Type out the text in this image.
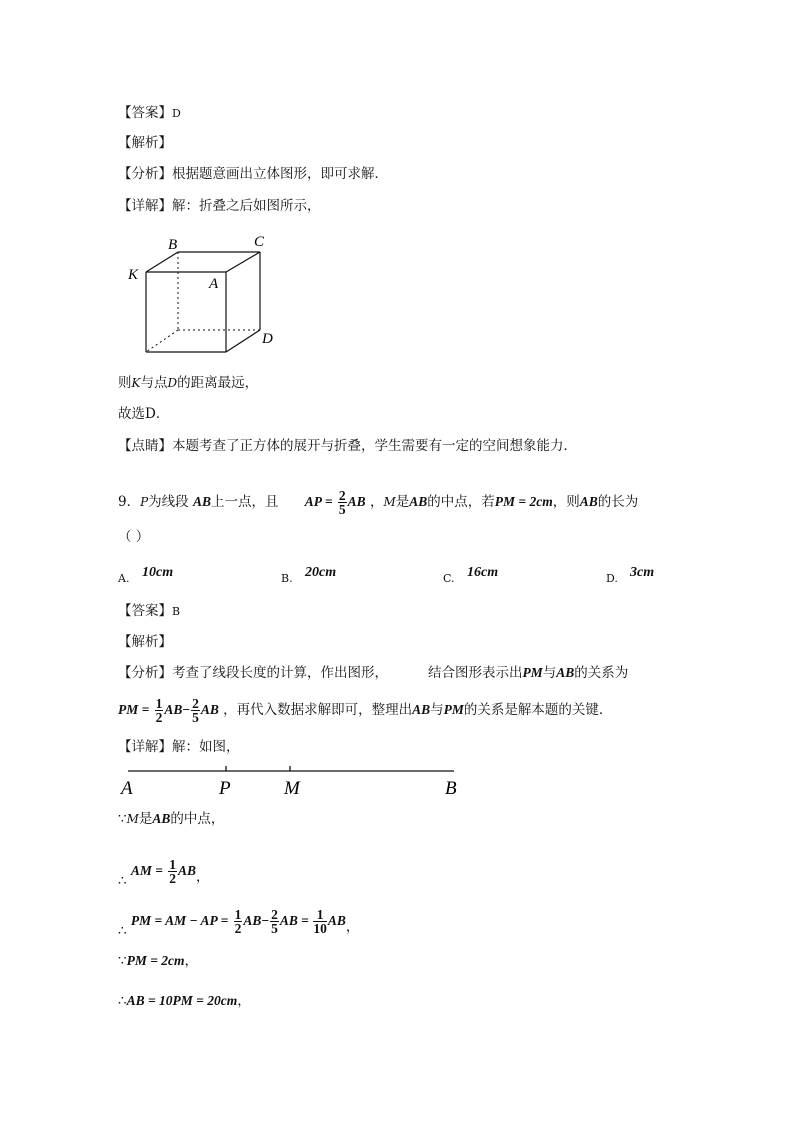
【答案】D
【解析】
【分析】根据题意画出立体图形，即可求解．
【详解】解：折叠之后如图所示，
B	C
K
A
D
则K与点D的距离最远，
故选D．
【点睛】本题考查了正方体的展开与折叠，学生需要有一定的空间想象能力．
9．P为线段 AB上一点，且 AP = $\frac{2}{5}$ AB ，M是AB的中点，若PM = 2cm，则AB的长为
（ ）
A. 10cm	B. 20cm	C. 16cm	D. 3cm
【答案】B
【解析】
【分析】考查了线段长度的计算，作出图形，	结合图形表示出PM与AB的关系为
PM = $\frac{1}{2} AB- \frac{2}{5}$ AB ，再代入数据求解即可，整理出AB与PM的关系是解本题的关键．
【详解】解：如图，
A	P	M	B
∵M是AB的中点，
∴ AM = $\frac{1}{2}$ AB，
∴ PM = AM − AP = $\frac{1}{2} AB- \frac{2}{5}$ AB = $\frac{1}{10}$ AB，
∵PM = 2cm，
∴AB = 10PM = 20cm，
